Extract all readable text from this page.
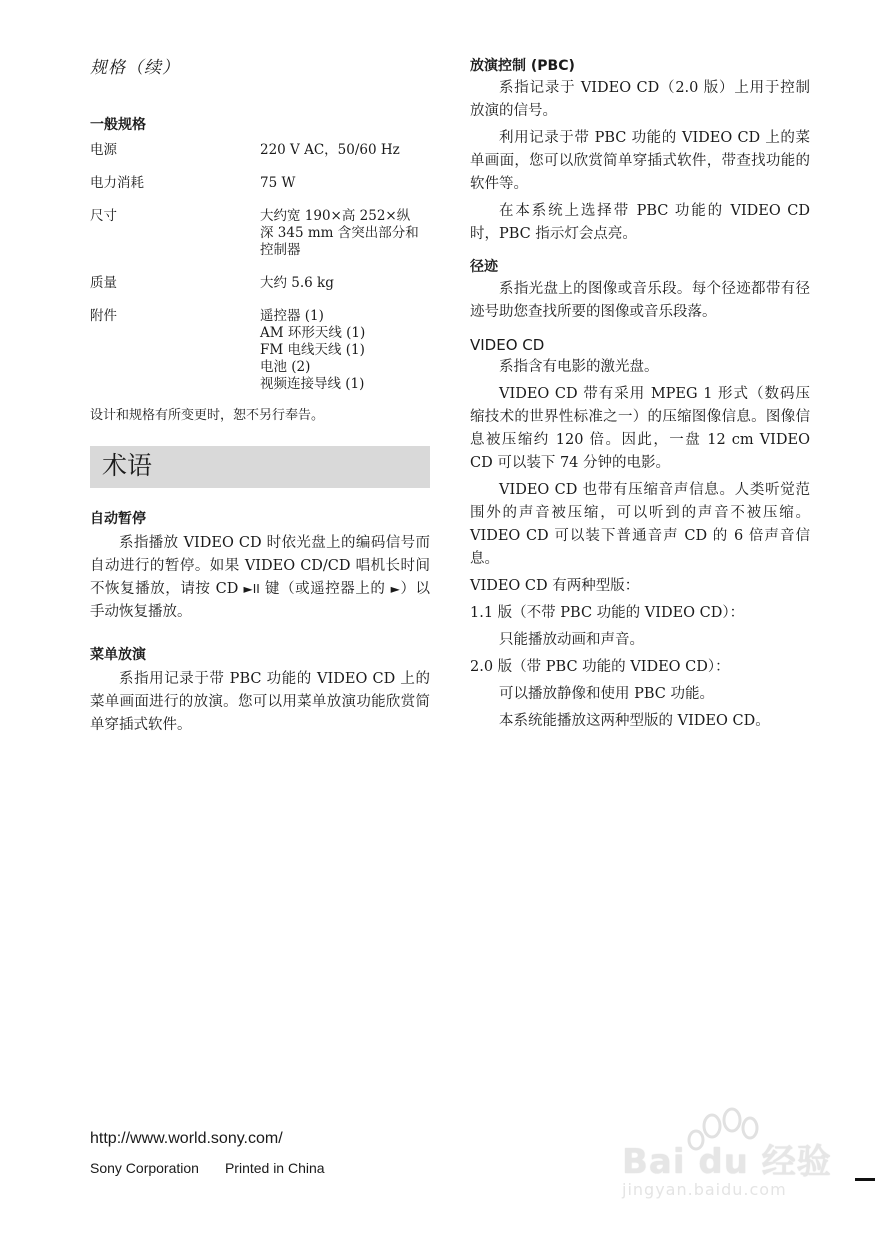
规格（续）
一般规格
电源	220 V AC，50/60 Hz
电力消耗	75 W
尺寸	大约宽 190×高 252×纵
深 345 mm 含突出部分和
控制器
质量	大约 5.6 kg
附件	遥控器 (1)
AM 环形天线 (1)
FM 电线天线 (1)
电池 (2)
视频连接导线 (1)
设计和规格有所变更时，恕不另行奉告。
术语
自动暂停

系指播放 VIDEO CD 时依光盘上的编码信号而自动进行的暂停。如果 VIDEO CD/CD 唱机长时间不恢复播放，请按 CD ►II 键（或遥控器上的 ►）以手动恢复播放。

菜单放演

系指用记录于带 PBC 功能的 VIDEO CD 上的菜单画面进行的放演。您可以用菜单放演功能欣赏简单穿插式软件。

放演控制 (PBC)

系指记录于 VIDEO CD（2.0 版）上用于控制放演的信号。

利用记录于带 PBC 功能的 VIDEO CD 上的菜单画面，您可以欣赏简单穿插式软件，带查找功能的软件等。

在本系统上选择带 PBC 功能的 VIDEO CD 时，PBC 指示灯会点亮。

径迹

系指光盘上的图像或音乐段。每个径迹都带有径迹号助您查找所要的图像或音乐段落。

VIDEO CD

系指含有电影的激光盘。

VIDEO CD 带有采用 MPEG 1 形式（数码压缩技术的世界性标准之一）的压缩图像信息。图像信息被压缩约 120 倍。因此，一盘 12 cm VIDEO CD 可以装下 74 分钟的电影。

VIDEO CD 也带有压缩音声信息。人类听觉范围外的声音被压缩，可以听到的声音不被压缩。VIDEO CD 可以装下普通音声 CD 的 6 倍声音信息。

VIDEO CD 有两种型版：
1.1 版（不带 PBC 功能的 VIDEO CD）：

只能播放动画和声音。

2.0 版（带 PBC 功能的 VIDEO CD）：

可以播放静像和使用 PBC 功能。

本系统能播放这两种型版的 VIDEO CD。

http://www.world.sony.com/
Sony Corporation Printed in China	Bai du 经验
jingyan.baidu.com
